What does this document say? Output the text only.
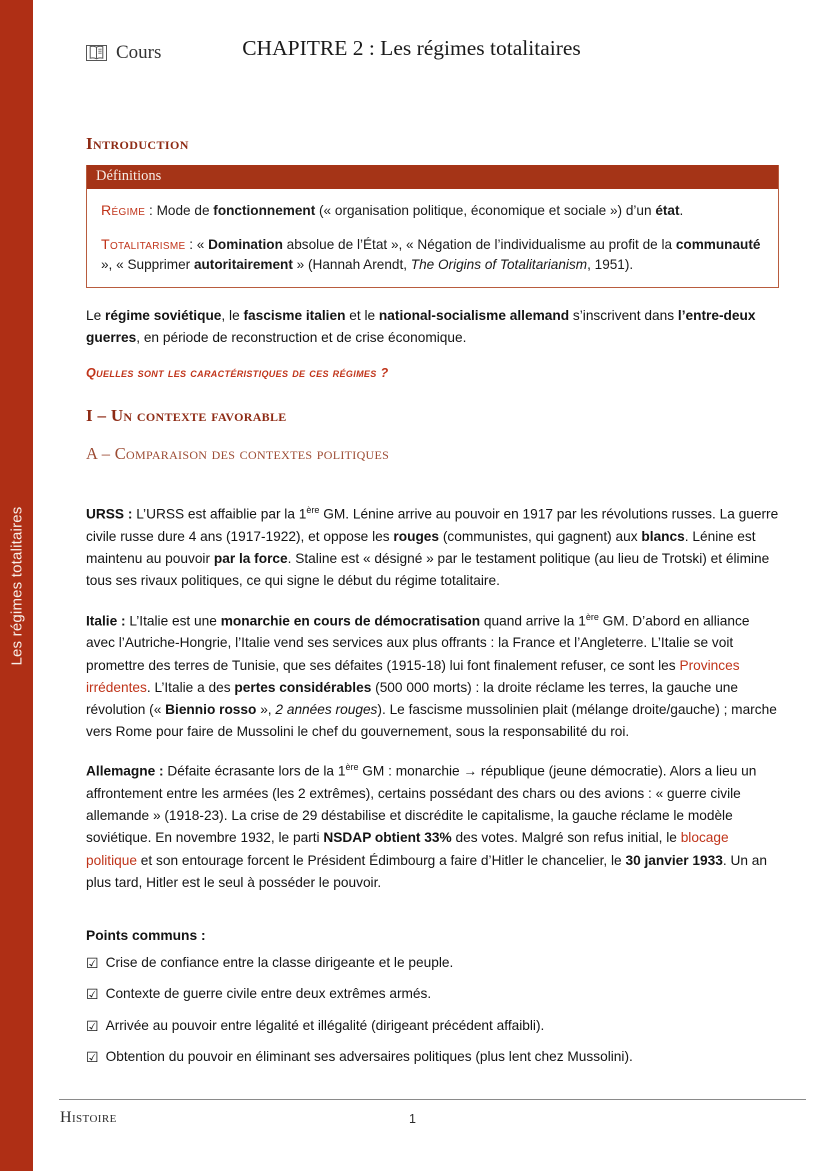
Les régimes totalitaires
Cours	CHAPITRE 2 : Les régimes totalitaires
Introduction
Définitions

Régime : Mode de fonctionnement (« organisation politique, économique et sociale ») d’un état.

Totalitarisme : « Domination absolue de l’État », « Négation de l’individualisme au profit de la communauté », « Supprimer autoritairement » (Hannah Arendt, The Origins of Totalitarianism, 1951).

Le régime soviétique, le fascisme italien et le national-socialisme allemand s’inscrivent dans l’entre-deux guerres, en période de reconstruction et de crise économique.

Quelles sont les caractéristiques de ces régimes ?
I – Un contexte favorable
A – Comparaison des contextes politiques

URSS : L’URSS est affaiblie par la 1ère GM. Lénine arrive au pouvoir en 1917 par les révolutions russes. La guerre civile russe dure 4 ans (1917-1922), et oppose les rouges (communistes, qui gagnent) aux blancs. Lénine est maintenu au pouvoir par la force. Staline est « désigné » par le testament politique (au lieu de Trotski) et élimine tous ses rivaux politiques, ce qui signe le début du régime totalitaire.

Italie : L’Italie est une monarchie en cours de démocratisation quand arrive la 1ère GM. D’abord en alliance avec l’Autriche-Hongrie, l’Italie vend ses services aux plus offrants : la France et l’Angleterre. L’Italie se voit promettre des terres de Tunisie, que ses défaites (1915-18) lui font finalement refuser, ce sont les Provinces irrédentes. L’Italie a des pertes considérables (500 000 morts) : la droite réclame les terres, la gauche une révolution (« Biennio rosso », 2 années rouges). Le fascisme mussolinien plait (mélange droite/gauche) ; marche vers Rome pour faire de Mussolini le chef du gouvernement, sous la responsabilité du roi.

Allemagne : Défaite écrasante lors de la 1ère GM : monarchie → république (jeune démocratie). Alors a lieu un affrontement entre les armées (les 2 extrêmes), certains possédant des chars ou des avions : « guerre civile allemande » (1918-23). La crise de 29 déstabilise et discrédite le capitalisme, la gauche réclame le modèle soviétique. En novembre 1932, le parti NSDAP obtient 33% des votes. Malgré son refus initial, le blocage politique et son entourage forcent le Président Édimbourg a faire d’Hitler le chancelier, le 30 janvier 1933. Un an plus tard, Hitler est le seul à posséder le pouvoir.

Points communs :
☑ Crise de confiance entre la classe dirigeante et le peuple.
☑ Contexte de guerre civile entre deux extrêmes armés.
☑ Arrivée au pouvoir entre légalité et illégalité (dirigeant précédent affaibli).
☑ Obtention du pouvoir en éliminant ses adversaires politiques (plus lent chez Mussolini).
Histoire	1
